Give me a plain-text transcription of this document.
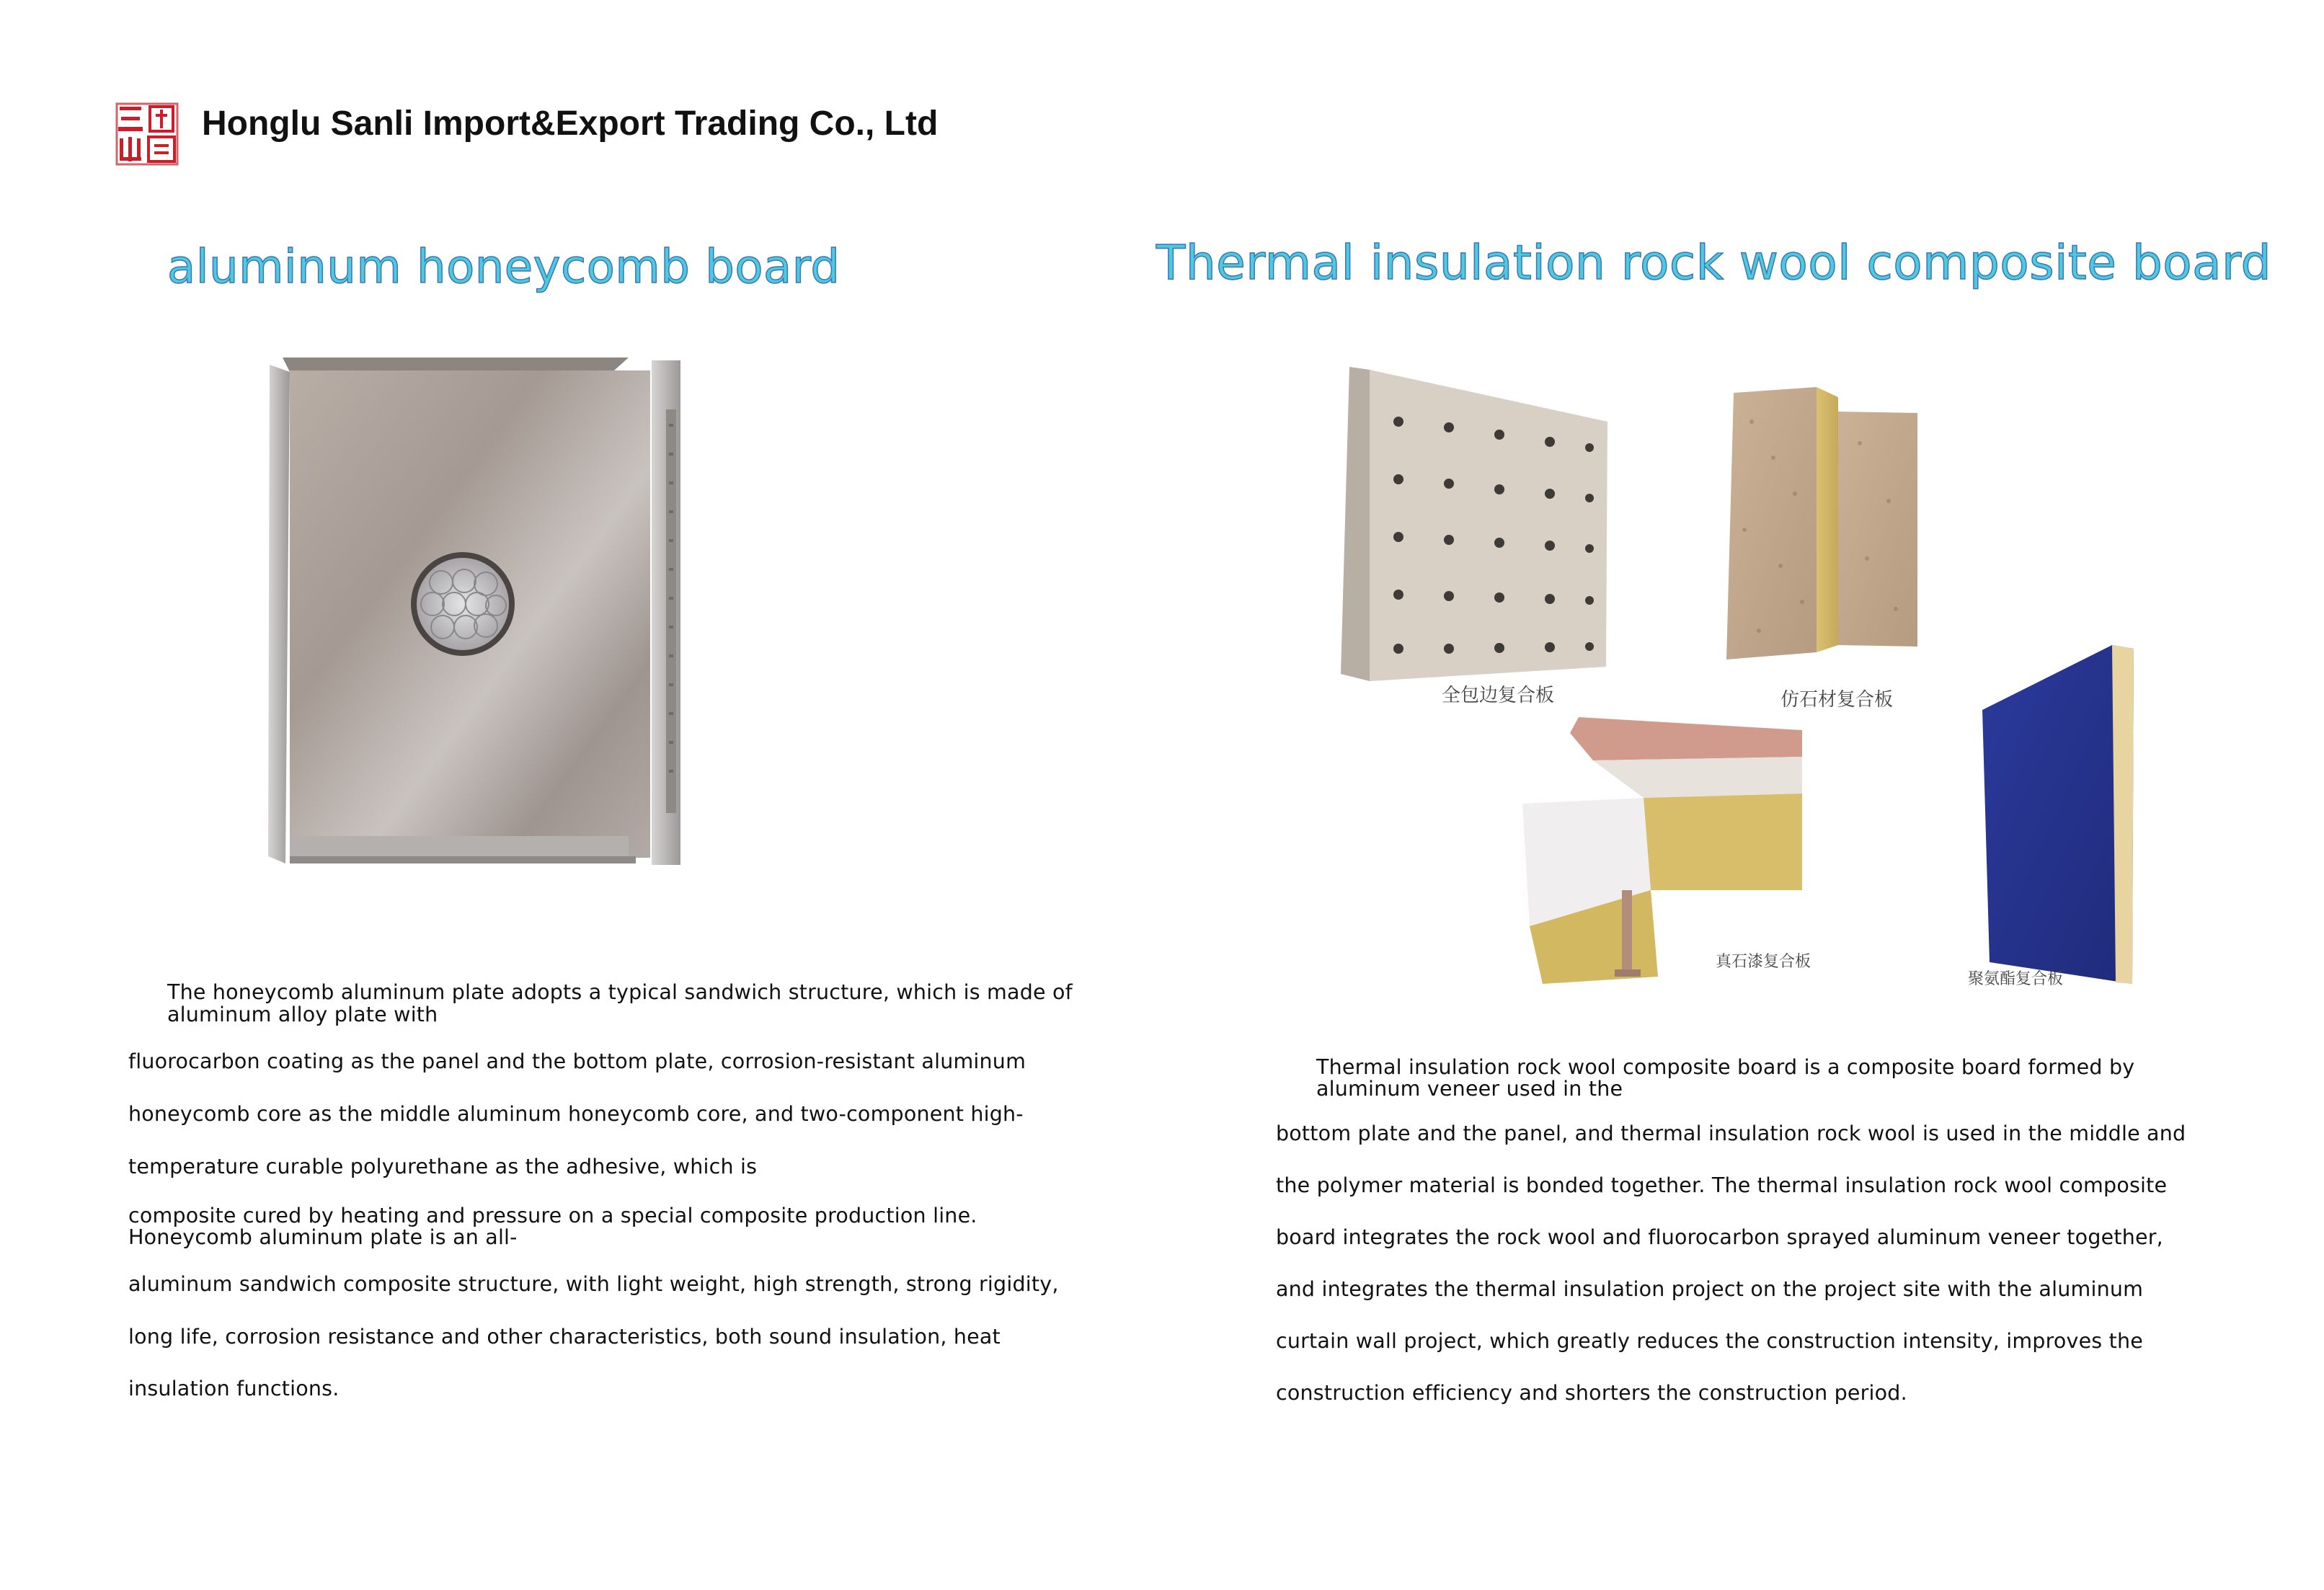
Honglu Sanli Import&Export Trading Co., Ltd
aluminum honeycomb board	Thermal insulation rock wool composite board
The honeycomb aluminum plate adopts a typical sandwich structure, which is made of
aluminum alloy plate with
fluorocarbon coating as the panel and the bottom plate, corrosion-resistant aluminum
honeycomb core as the middle aluminum honeycomb core, and two-component high-
temperature curable polyurethane as the adhesive, which is
composite cured by heating and pressure on a special composite production line.
Honeycomb aluminum plate is an all-
aluminum sandwich composite structure, with light weight, high strength, strong rigidity,
long life, corrosion resistance and other characteristics, both sound insulation, heat
insulation functions.
全包边复合板	仿石材复合板
真石漆复合板
聚氨酯复合板
Thermal insulation rock wool composite board is a composite board formed by
aluminum veneer used in the
bottom plate and the panel, and thermal insulation rock wool is used in the middle and
the polymer material is bonded together. The thermal insulation rock wool composite
board integrates the rock wool and fluorocarbon sprayed aluminum veneer together,
and integrates the thermal insulation project on the project site with the aluminum
curtain wall project, which greatly reduces the construction intensity, improves the
construction efficiency and shorters the construction period.
